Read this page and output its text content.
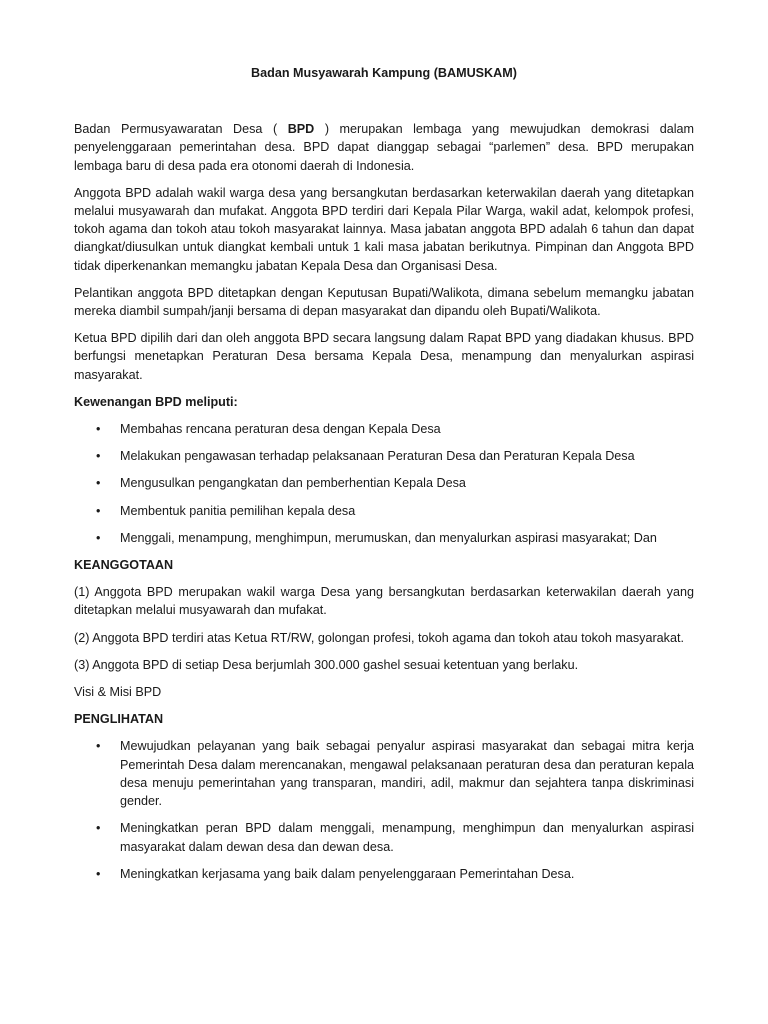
Badan Musyawarah Kampung (BAMUSKAM)

Badan Permusyawaratan Desa ( BPD ) merupakan lembaga yang mewujudkan demokrasi dalam penyelenggaraan pemerintahan desa. BPD dapat dianggap sebagai “parlemen” desa. BPD merupakan lembaga baru di desa pada era otonomi daerah di Indonesia.

Anggota BPD adalah wakil warga desa yang bersangkutan berdasarkan keterwakilan daerah yang ditetapkan melalui musyawarah dan mufakat. Anggota BPD terdiri dari Kepala Pilar Warga, wakil adat, kelompok profesi, tokoh agama dan tokoh atau tokoh masyarakat lainnya. Masa jabatan anggota BPD adalah 6 tahun dan dapat diangkat/diusulkan untuk diangkat kembali untuk 1 kali masa jabatan berikutnya. Pimpinan dan Anggota BPD tidak diperkenankan memangku jabatan Kepala Desa dan Organisasi Desa.

Pelantikan anggota BPD ditetapkan dengan Keputusan Bupati/Walikota, dimana sebelum memangku jabatan mereka diambil sumpah/janji bersama di depan masyarakat dan dipandu oleh Bupati/Walikota.

Ketua BPD dipilih dari dan oleh anggota BPD secara langsung dalam Rapat BPD yang diadakan khusus. BPD berfungsi menetapkan Peraturan Desa bersama Kepala Desa, menampung dan menyalurkan aspirasi masyarakat.

Kewenangan BPD meliputi:
• Membahas rencana peraturan desa dengan Kepala Desa
• Melakukan pengawasan terhadap pelaksanaan Peraturan Desa dan Peraturan Kepala Desa
• Mengusulkan pengangkatan dan pemberhentian Kepala Desa
• Membentuk panitia pemilihan kepala desa
• Menggali, menampung, menghimpun, merumuskan, dan menyalurkan aspirasi masyarakat; Dan
KEANGGOTAAN

(1) Anggota BPD merupakan wakil warga Desa yang bersangkutan berdasarkan keterwakilan daerah yang ditetapkan melalui musyawarah dan mufakat.

(2) Anggota BPD terdiri atas Ketua RT/RW, golongan profesi, tokoh agama dan tokoh atau tokoh masyarakat.

(3) Anggota BPD di setiap Desa berjumlah 300.000 gashel sesuai ketentuan yang berlaku.

Visi & Misi BPD

PENGLIHATAN
• Mewujudkan pelayanan yang baik sebagai penyalur aspirasi masyarakat dan sebagai mitra kerja Pemerintah Desa dalam merencanakan, mengawal pelaksanaan peraturan desa dan peraturan kepala desa menuju pemerintahan yang transparan, mandiri, adil, makmur dan sejahtera tanpa diskriminasi gender.
• Meningkatkan peran BPD dalam menggali, menampung, menghimpun dan menyalurkan aspirasi masyarakat dalam dewan desa dan dewan desa.
• Meningkatkan kerjasama yang baik dalam penyelenggaraan Pemerintahan Desa.
